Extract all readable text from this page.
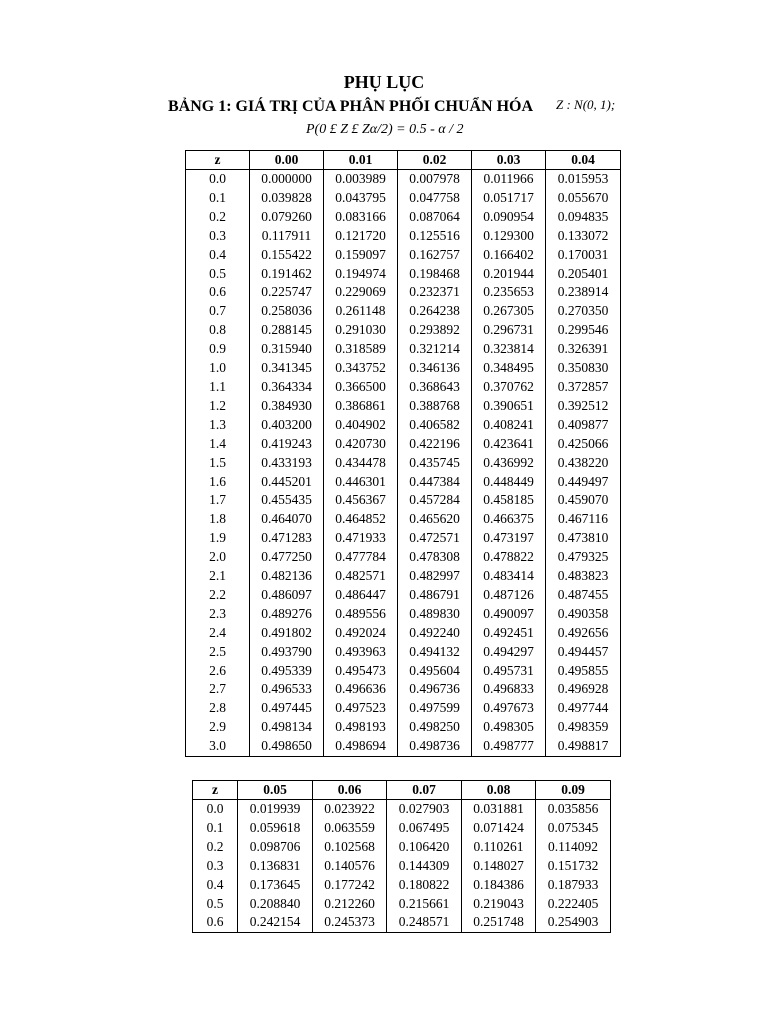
PHỤ LỤC
BẢNG 1: GIÁ TRỊ CỦA PHÂN PHỐI CHUẨN HÓA Z : N(0, 1);
P(0 £ Z £ Zα/2) = 0.5 - α / 2
z	0.00	0.01	0.02	0.03	0.04
0.0	0.000000	0.003989	0.007978	0.011966	0.015953
0.1	0.039828	0.043795	0.047758	0.051717	0.055670
0.2	0.079260	0.083166	0.087064	0.090954	0.094835
0.3	0.117911	0.121720	0.125516	0.129300	0.133072
0.4	0.155422	0.159097	0.162757	0.166402	0.170031
0.5	0.191462	0.194974	0.198468	0.201944	0.205401
0.6	0.225747	0.229069	0.232371	0.235653	0.238914
0.7	0.258036	0.261148	0.264238	0.267305	0.270350
0.8	0.288145	0.291030	0.293892	0.296731	0.299546
0.9	0.315940	0.318589	0.321214	0.323814	0.326391
1.0	0.341345	0.343752	0.346136	0.348495	0.350830
1.1	0.364334	0.366500	0.368643	0.370762	0.372857
1.2	0.384930	0.386861	0.388768	0.390651	0.392512
1.3	0.403200	0.404902	0.406582	0.408241	0.409877
1.4	0.419243	0.420730	0.422196	0.423641	0.425066
1.5	0.433193	0.434478	0.435745	0.436992	0.438220
1.6	0.445201	0.446301	0.447384	0.448449	0.449497
1.7	0.455435	0.456367	0.457284	0.458185	0.459070
1.8	0.464070	0.464852	0.465620	0.466375	0.467116
1.9	0.471283	0.471933	0.472571	0.473197	0.473810
2.0	0.477250	0.477784	0.478308	0.478822	0.479325
2.1	0.482136	0.482571	0.482997	0.483414	0.483823
2.2	0.486097	0.486447	0.486791	0.487126	0.487455
2.3	0.489276	0.489556	0.489830	0.490097	0.490358
2.4	0.491802	0.492024	0.492240	0.492451	0.492656
2.5	0.493790	0.493963	0.494132	0.494297	0.494457
2.6	0.495339	0.495473	0.495604	0.495731	0.495855
2.7	0.496533	0.496636	0.496736	0.496833	0.496928
2.8	0.497445	0.497523	0.497599	0.497673	0.497744
2.9	0.498134	0.498193	0.498250	0.498305	0.498359
3.0	0.498650	0.498694	0.498736	0.498777	0.498817
z	0.05	0.06	0.07	0.08	0.09
0.0	0.019939	0.023922	0.027903	0.031881	0.035856
0.1	0.059618	0.063559	0.067495	0.071424	0.075345
0.2	0.098706	0.102568	0.106420	0.110261	0.114092
0.3	0.136831	0.140576	0.144309	0.148027	0.151732
0.4	0.173645	0.177242	0.180822	0.184386	0.187933
0.5	0.208840	0.212260	0.215661	0.219043	0.222405
0.6	0.242154	0.245373	0.248571	0.251748	0.254903
